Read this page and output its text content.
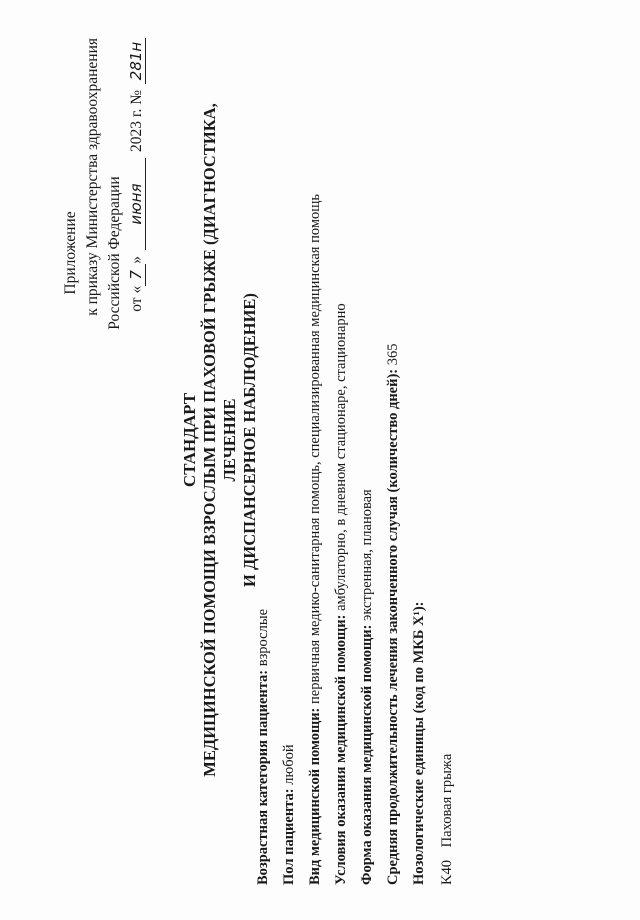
Приложение к приказу Министерства здравоохранения Российской Федерации от «7»июня2023 г. №281н
СТАНДАРТ МЕДИЦИНСКОЙ ПОМОЩИ ВЗРОСЛЫМ ПРИ ПАХОВОЙ ГРЫЖЕ (ДИАГНОСТИКА, ЛЕЧЕНИЕ И ДИСПАНСЕРНОЕ НАБЛЮДЕНИЕ)
Возрастная категория пациента: взрослые
Пол пациента: любой Вид медицинской помощи: первичная медико-санитарная помощь, специализированная медицинская помощь
Условия оказания медицинской помощи: амбулаторно, в дневном стационаре, стационарно
Форма оказания медицинской помощи: экстренная, плановая Средняя продолжительность лечения законченного случая (количество дней): 365
Нозологические единицы (код по МКБ X¹): K40 Паховая грыжа
